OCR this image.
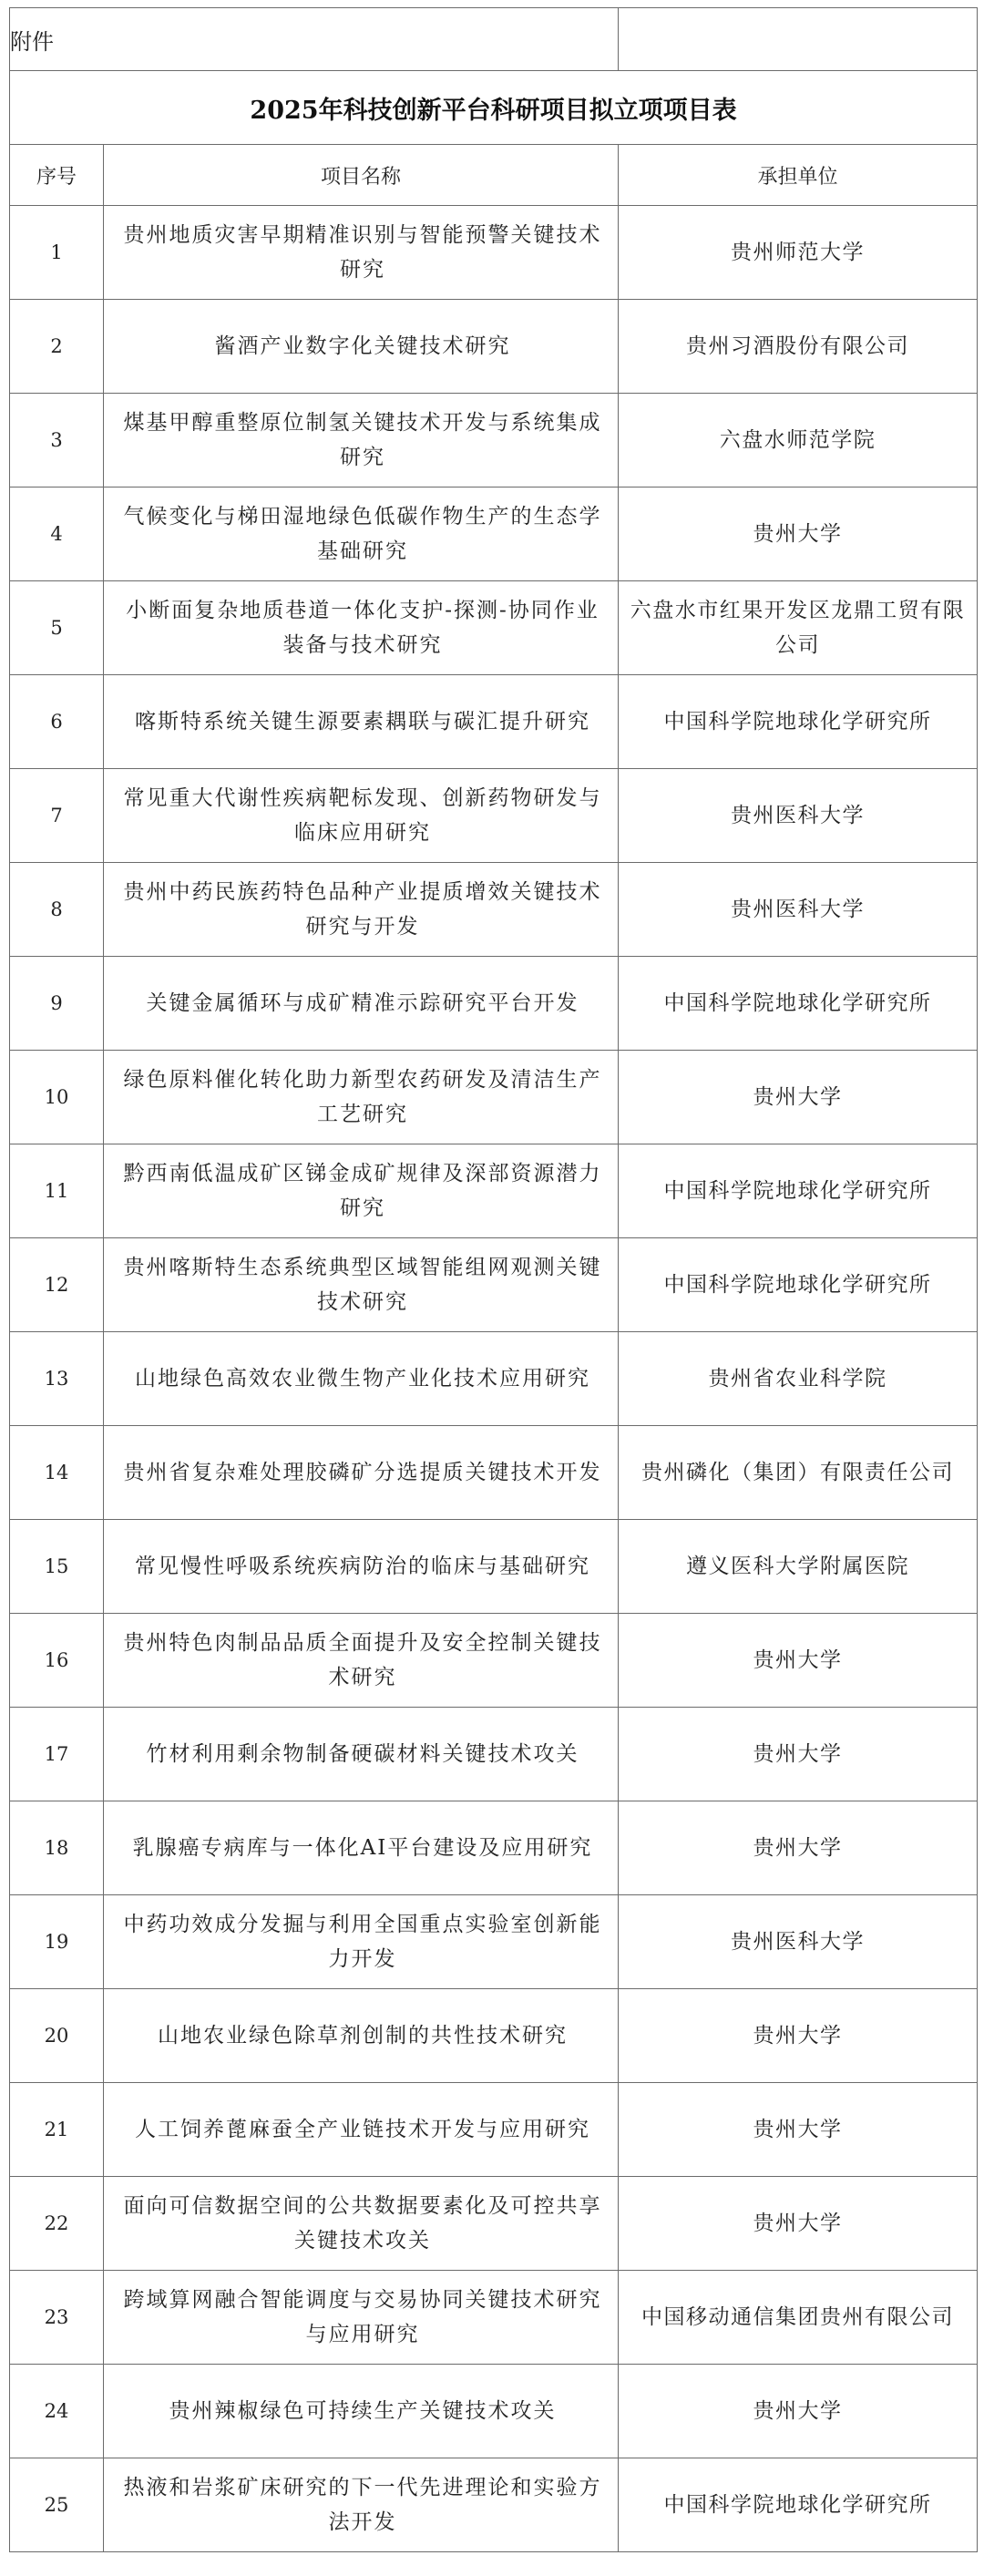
附件		
2025年科技创新平台科研项目拟立项项目表		
序号	项目名称	承担单位
1	贵州地质灾害早期精准识别与智能预警关键技术研究	贵州师范大学
2	酱酒产业数字化关键技术研究	贵州习酒股份有限公司
3	煤基甲醇重整原位制氢关键技术开发与系统集成研究	六盘水师范学院
4	气候变化与梯田湿地绿色低碳作物生产的生态学基础研究	贵州大学
5	小断面复杂地质巷道一体化支护-探测-协同作业装备与技术研究	六盘水市红果开发区龙鼎工贸有限公司
6	喀斯特系统关键生源要素耦联与碳汇提升研究	中国科学院地球化学研究所
7	常见重大代谢性疾病靶标发现、创新药物研发与临床应用研究	贵州医科大学
8	贵州中药民族药特色品种产业提质增效关键技术研究与开发	贵州医科大学
9	关键金属循环与成矿精准示踪研究平台开发	中国科学院地球化学研究所
10	绿色原料催化转化助力新型农药研发及清洁生产工艺研究	贵州大学
11	黔西南低温成矿区锑金成矿规律及深部资源潜力研究	中国科学院地球化学研究所
12	贵州喀斯特生态系统典型区域智能组网观测关键技术研究	中国科学院地球化学研究所
13	山地绿色高效农业微生物产业化技术应用研究	贵州省农业科学院
14	贵州省复杂难处理胶磷矿分选提质关键技术开发	贵州磷化（集团）有限责任公司
15	常见慢性呼吸系统疾病防治的临床与基础研究	遵义医科大学附属医院
16	贵州特色肉制品品质全面提升及安全控制关键技术研究	贵州大学
17	竹材利用剩余物制备硬碳材料关键技术攻关	贵州大学
18	乳腺癌专病库与一体化AI平台建设及应用研究	贵州大学
19	中药功效成分发掘与利用全国重点实验室创新能力开发	贵州医科大学
20	山地农业绿色除草剂创制的共性技术研究	贵州大学
21	人工饲养蓖麻蚕全产业链技术开发与应用研究	贵州大学
22	面向可信数据空间的公共数据要素化及可控共享关键技术攻关	贵州大学
23	跨域算网融合智能调度与交易协同关键技术研究与应用研究	中国移动通信集团贵州有限公司
24	贵州辣椒绿色可持续生产关键技术攻关	贵州大学
25	热液和岩浆矿床研究的下一代先进理论和实验方法开发	中国科学院地球化学研究所
